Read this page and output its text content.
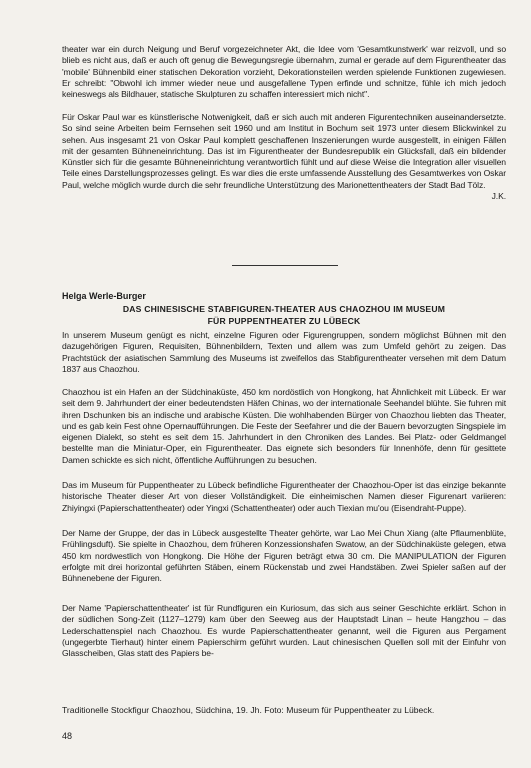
theater war ein durch Neigung und Beruf vorgezeichneter Akt, die Idee vom 'Gesamtkunstwerk' war reizvoll, und so blieb es nicht aus, daß er auch oft genug die Bewegungsregie übernahm, zumal er gerade auf dem Figurentheater das 'mobile' Bühnenbild einer statischen Dekoration vorzieht, Dekorationsteilen werden spielende Funktionen zugewiesen. Er schreibt: "Obwohl ich immer wieder neue und ausgefallene Typen erfinde und schnitze, fühle ich mich jedoch keineswegs als Bildhauer, statische Skulpturen zu schaffen interessiert mich nicht".

Für Oskar Paul war es künstlerische Notwenigkeit, daß er sich auch mit anderen Figurentechniken auseinandersetzte. So sind seine Arbeiten beim Fernsehen seit 1960 und am Institut in Bochum seit 1973 unter diesem Blickwinkel zu sehen. Aus insgesamt 21 von Oskar Paul komplett geschaffenen Inszenierungen wurde ausgestellt, in einigen Fällen mit der gesamten Bühneneinrichtung. Das ist im Figurentheater der Bundesrepublik ein Glücksfall, daß ein bildender Künstler sich für die gesamte Bühneneinrichtung verantwortlich fühlt und auf diese Weise die Integration aller visuellen Teile eines Darstellungsprozesses gelingt. Es war dies die erste umfassende Ausstellung des Gesamtwerkes von Oskar Paul, welche möglich wurde durch die sehr freundliche Unterstützung des Marionettentheaters der Stadt Bad Tölz.
J.K.

Helga Werle-Burger

DAS CHINESISCHE STABFIGUREN-THEATER AUS CHAOZHOU IM MUSEUM
FÜR PUPPENTHEATER ZU LÜBECK

In unserem Museum genügt es nicht, einzelne Figuren oder Figurengruppen, sondern möglichst Bühnen mit den dazugehörigen Figuren, Requisiten, Bühnenbildern, Texten und allem was zum Umfeld gehört zu zeigen. Das Prachtstück der asiatischen Sammlung des Museums ist zweifellos das Stabfigurentheater versehen mit dem Datum 1837 aus Chaozhou.

Chaozhou ist ein Hafen an der Südchinaküste, 450 km nordöstlich von Hongkong, hat Ähnlichkeit mit Lübeck. Er war seit dem 9. Jahrhundert der einer bedeutendsten Häfen Chinas, wo der internationale Seehandel blühte. Sie fuhren mit ihren Dschunken bis an indische und arabische Küsten. Die wohlhabenden Bürger von Chaozhou liebten das Theater, und es gab kein Fest ohne Opernaufführungen. Die Feste der Seefahrer und die der Bauern bevorzugten Singspiele im eigenen Dialekt, so steht es seit dem 15. Jahrhundert in den Chroniken des Landes. Bei Platz- oder Geldmangel bestellte man die Miniatur-Oper, ein Figurentheater. Das eignete sich besonders für Innenhöfe, denn für gesittete Damen schickte es sich nicht, öffentliche Aufführungen zu besuchen.

Das im Museum für Puppentheater zu Lübeck befindliche Figurentheater der Chaozhou-Oper ist das einzige bekannte historische Theater dieser Art von dieser Vollständigkeit. Die einheimischen Namen dieser Figurenart variieren: Zhiyingxi (Papierschattentheater) oder Yingxi (Schattentheater) oder auch Tiexian mu'ou (Eisendraht-Puppe).

Der Name der Gruppe, der das in Lübeck ausgestellte Theater gehörte, war Lao Mei Chun Xiang (alte Pflaumenblüte, Frühlingsduft). Sie spielte in Chaozhou, dem früheren Konzessionshafen Swatow, an der Südchinaküste gelegen, etwa 450 km nordwestlich von Hongkong. Die Höhe der Figuren beträgt etwa 30 cm. Die MANIPULATION der Figuren erfolgte mit drei horizontal geführten Stäben, einem Rückenstab und zwei Handstäben. Zwei Spieler saßen auf der Bühnenebene der Figuren.

Der Name 'Papierschattentheater' ist für Rundfiguren ein Kuriosum, das sich aus seiner Geschichte erklärt. Schon in der südlichen Song-Zeit (1127–1279) kam über den Seeweg aus der Hauptstadt Linan – heute Hangzhou – das Lederschattenspiel nach Chaozhou. Es wurde Papierschattentheater genannt, weil die Figuren aus Pergament (ungegerbte Tierhaut) hinter einem Papierschirm geführt wurden. Laut chinesischen Quellen soll mit der Einfuhr von Glasscheiben, Glas statt des Papiers be-

Traditionelle Stockfigur Chaozhou, Südchina, 19. Jh. Foto: Museum für Puppentheater zu Lübeck.

48
